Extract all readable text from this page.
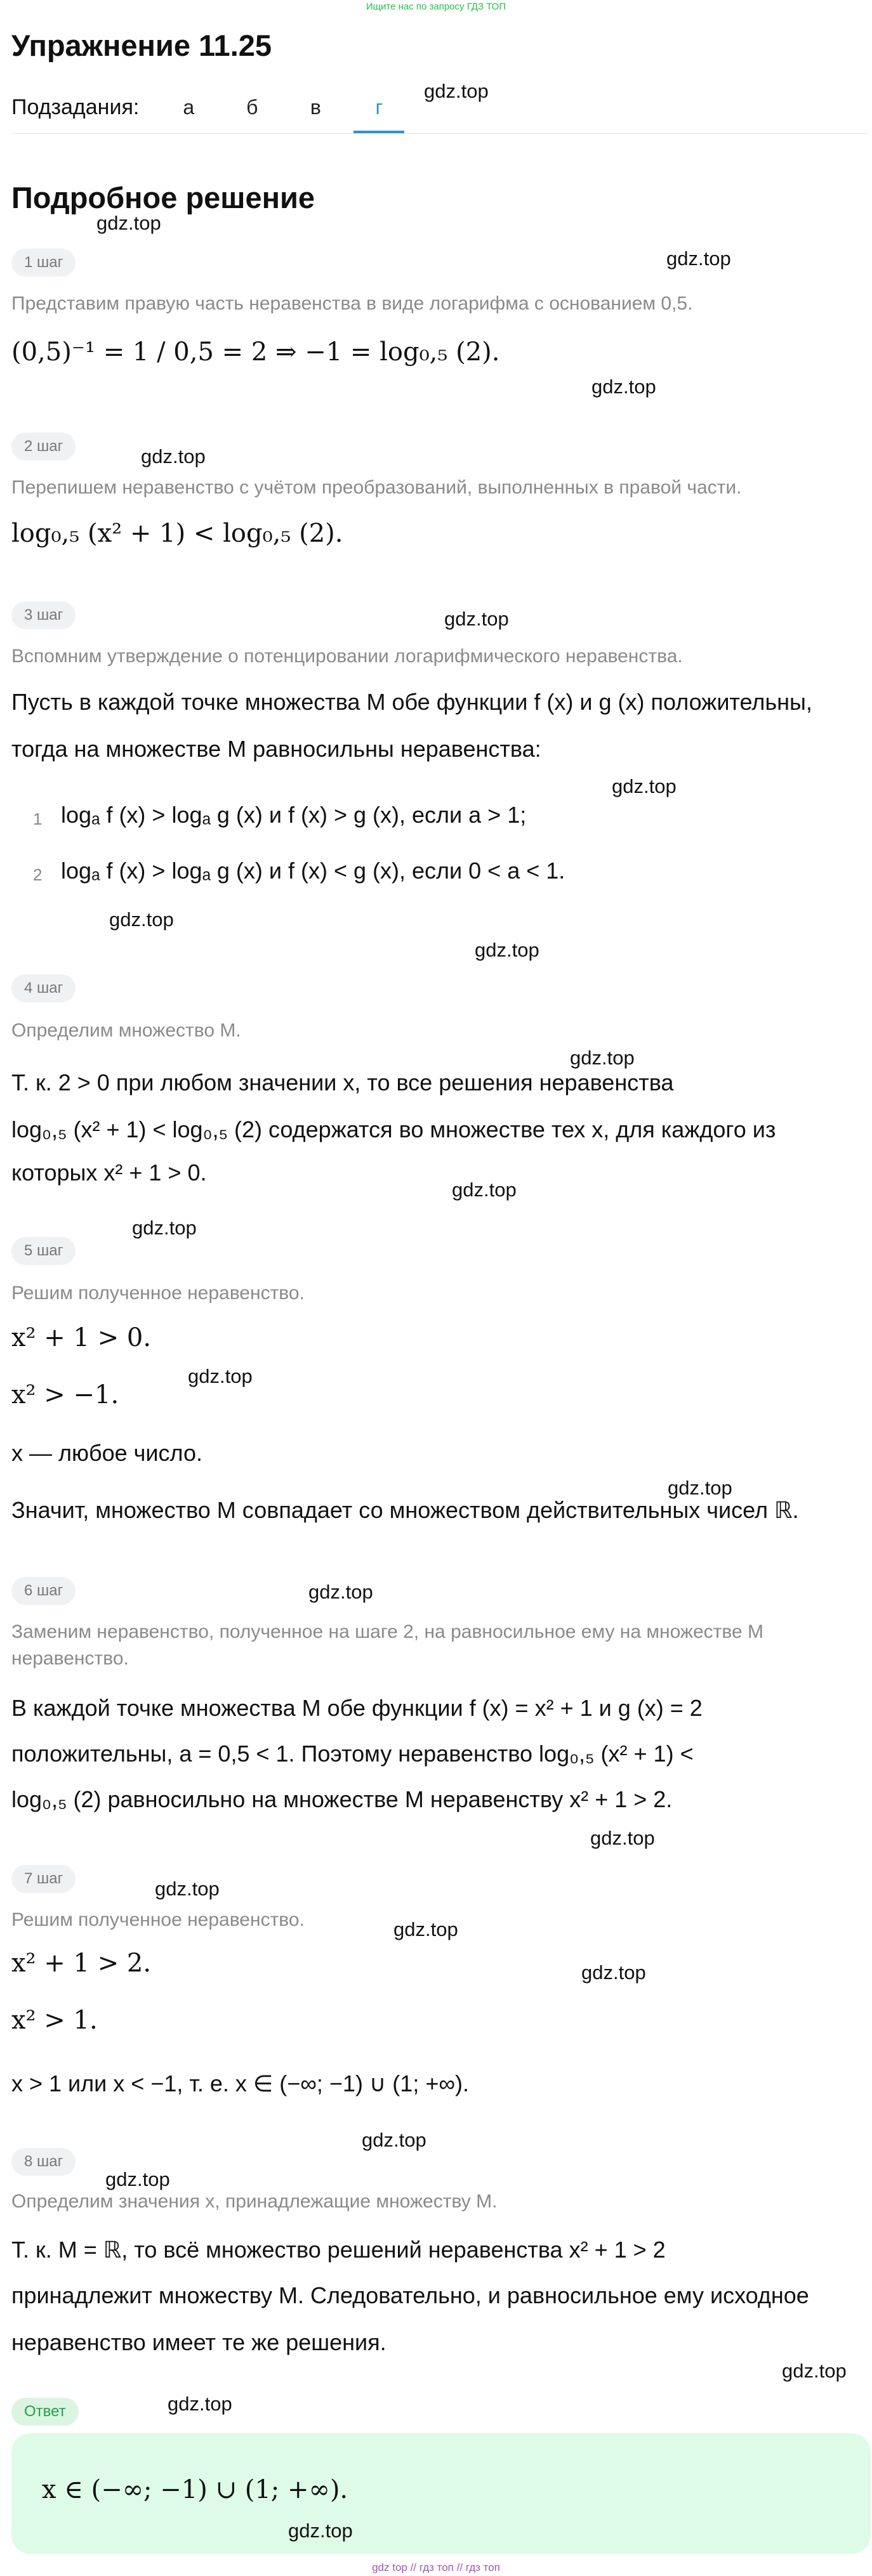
Ищите нас по запросу ГДЗ ТОП
Упражнение 11.25
Подзадания:	а	б	в	г
Подробное решение
1 шаг
Представим правую часть неравенства в виде логарифма с основанием 0,5.
(0,5)⁻¹ = 1 / 0,5 = 2 ⇒ −1 = log₀,₅ (2).
2 шаг
Перепишем неравенство с учётом преобразований, выполненных в правой части.
log₀,₅ (x² + 1) < log₀,₅ (2).
3 шаг
Вспомним утверждение о потенцировании логарифмического неравенства.
Пусть в каждой точке множества M обе функции f (x) и g (x) положительны,
тогда на множестве M равносильны неравенства:
1 logₐ f (x) > logₐ g (x) и f (x) > g (x), если a > 1;
2 logₐ f (x) > logₐ g (x) и f (x) < g (x), если 0 < a < 1.
4 шаг
Определим множество M.
Т. к. 2 > 0 при любом значении x, то все решения неравенства
log₀,₅ (x² + 1) < log₀,₅ (2) содержатся во множестве тех x, для каждого из
которых x² + 1 > 0.
5 шаг
Решим полученное неравенство.
x² + 1 > 0.
x² > −1.
x — любое число.
Значит, множество M совпадает со множеством действительных чисел ℝ.
6 шаг
Заменим неравенство, полученное на шаге 2, на равносильное ему на множестве M
неравенство.
В каждой точке множества M обе функции f (x) = x² + 1 и g (x) = 2
положительны, a = 0,5 < 1. Поэтому неравенство log₀,₅ (x² + 1) <
log₀,₅ (2) равносильно на множестве M неравенству x² + 1 > 2.
7 шаг
Решим полученное неравенство.
x² + 1 > 2.
x² > 1.
x > 1 или x < −1, т. е. x ∈ (−∞; −1) ∪ (1; +∞).
8 шаг
Определим значения x, принадлежащие множеству M.
Т. к. M = ℝ, то всё множество решений неравенства x² + 1 > 2
принадлежит множеству M. Следовательно, и равносильное ему исходное
неравенство имеет те же решения.
Ответ
x ∈ (−∞; −1) ∪ (1; +∞).
gdz.top
gdz.top
gdz.top
gdz.top
gdz.top
gdz.top
gdz.top
gdz.top
gdz.top
gdz.top
gdz.top
gdz.top
gdz.top
gdz.top
gdz.top
gdz.top
gdz.top
gdz.top
gdz.top
gdz.top
gdz.top
gdz.top
gdz.top
gdz.top
gdz top // гдз топ // гдз топ
